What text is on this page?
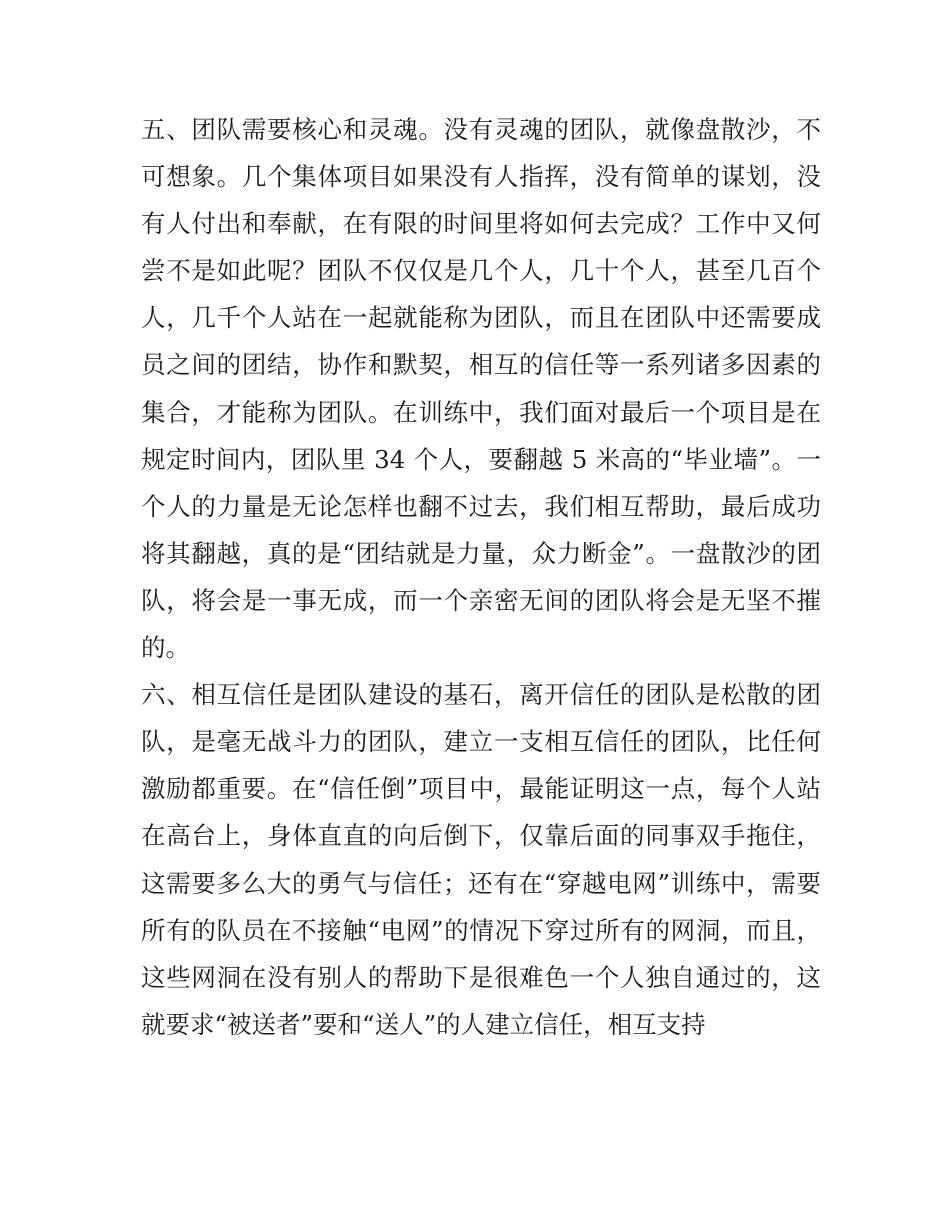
五、团队需要核心和灵魂。没有灵魂的团队，就像盘散沙，不
可想象。几个集体项目如果没有人指挥，没有简单的谋划，没
有人付出和奉献，在有限的时间里将如何去完成？工作中又何
尝不是如此呢？团队不仅仅是几个人，几十个人，甚至几百个
人，几千个人站在一起就能称为团队，而且在团队中还需要成
员之间的团结，协作和默契，相互的信任等一系列诸多因素的
集合，才能称为团队。在训练中，我们面对最后一个项目是在
规定时间内，团队里 34 个人，要翻越 5 米高的“毕业墙”。一
个人的力量是无论怎样也翻不过去，我们相互帮助，最后成功
将其翻越，真的是“团结就是力量，众力断金”。一盘散沙的团
队，将会是一事无成，而一个亲密无间的团队将会是无坚不摧
的。
六、相互信任是团队建设的基石，离开信任的团队是松散的团
队，是毫无战斗力的团队，建立一支相互信任的团队，比任何
激励都重要。在“信任倒”项目中，最能证明这一点，每个人站
在高台上，身体直直的向后倒下，仅靠后面的同事双手拖住，
这需要多么大的勇气与信任；还有在“穿越电网”训练中，需要
所有的队员在不接触“电网”的情况下穿过所有的网洞，而且，
这些网洞在没有别人的帮助下是很难色一个人独自通过的，这
就要求“被送者”要和“送人”的人建立信任，相互支持
